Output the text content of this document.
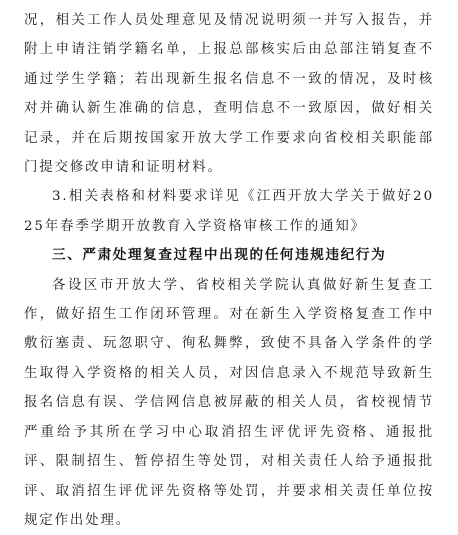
况，相关工作人员处理意见及情况说明须一并写入报告，并附上申请注销学籍名单，上报总部核实后由总部注销复查不通过学生学籍；若出现新生报名信息不一致的情况，及时核对并确认新生准确的信息，查明信息不一致原因，做好相关记录，并在后期按国家开放大学工作要求向省校相关职能部门提交修改申请和证明材料。

3.相关表格和材料要求详见《江西开放大学关于做好2025年春季学期开放教育入学资格审核工作的通知》

三、严肃处理复查过程中出现的任何违规违纪行为

各设区市开放大学、省校相关学院认真做好新生复查工作，做好招生工作闭环管理。对在新生入学资格复查工作中敷衍塞责、玩忽职守、徇私舞弊，致使不具备入学条件的学生取得入学资格的相关人员，对因信息录入不规范导致新生报名信息有误、学信网信息被屏蔽的相关人员，省校视情节严重给予其所在学习中心取消招生评优评先资格、通报批评、限制招生、暂停招生等处罚，对相关责任人给予通报批评、取消招生评优评先资格等处罚，并要求相关责任单位按规定作出处理。
